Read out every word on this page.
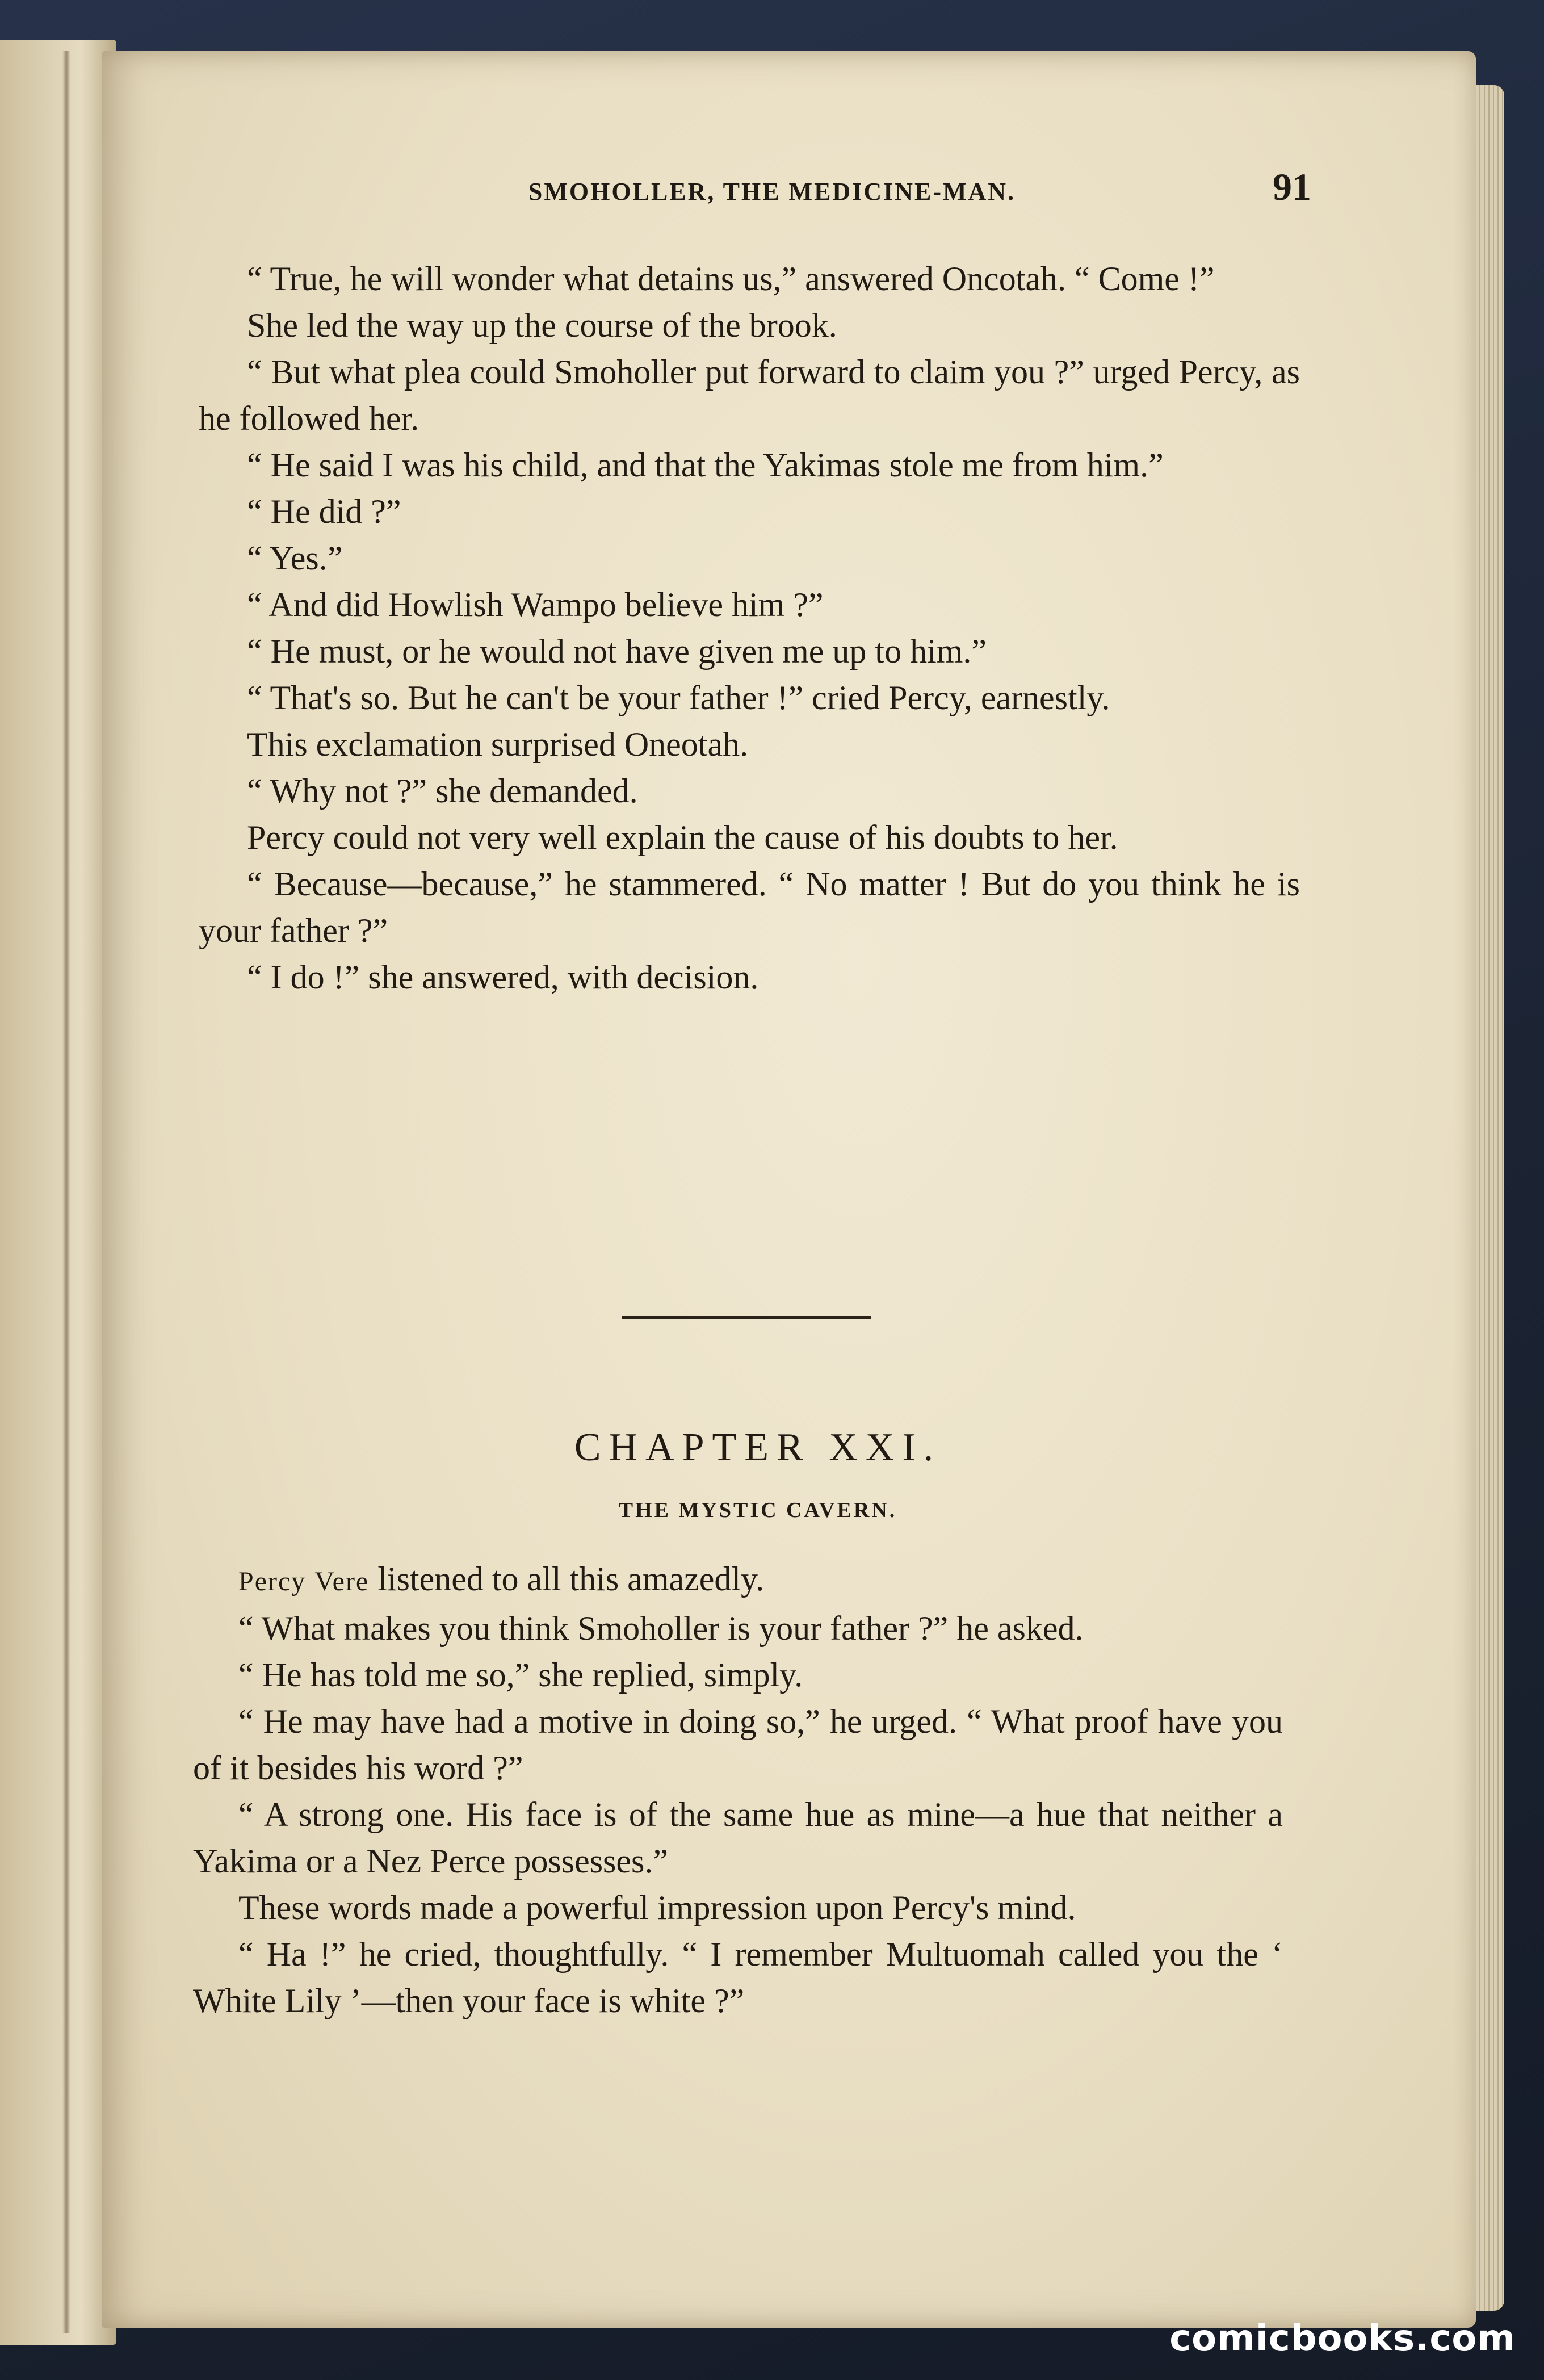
SMOHOLLER, THE MEDICINE-MAN.	91

“ True, he will wonder what detains us,” answered Oncotah. “ Come !”

She led the way up the course of the brook.

“ But what plea could Smoholler put forward to claim you ?” urged Percy, as he followed her.

“ He said I was his child, and that the Yakimas stole me from him.”

“ He did ?”

“ Yes.”

“ And did Howlish Wampo believe him ?”

“ He must, or he would not have given me up to him.”

“ That's so. But he can't be your father !” cried Percy, earnestly.

This exclamation surprised Oneotah.

“ Why not ?” she demanded.

Percy could not very well explain the cause of his doubts to her.

“ Because—because,” he stammered. “ No matter ! But do you think he is your father ?”

“ I do !” she answered, with decision.

CHAPTER XXI.
THE MYSTIC CAVERN.

Percy Vere listened to all this amazedly.

“ What makes you think Smoholler is your father ?” he asked.

“ He has told me so,” she replied, simply.

“ He may have had a motive in doing so,” he urged. “ What proof have you of it besides his word ?”

“ A strong one. His face is of the same hue as mine—a hue that neither a Yakima or a Nez Perce possesses.”

These words made a powerful impression upon Percy's mind.

“ Ha !” he cried, thoughtfully. “ I remember Multuomah called you the ‘ White Lily ’—then your face is white ?”

comicbooks.com
